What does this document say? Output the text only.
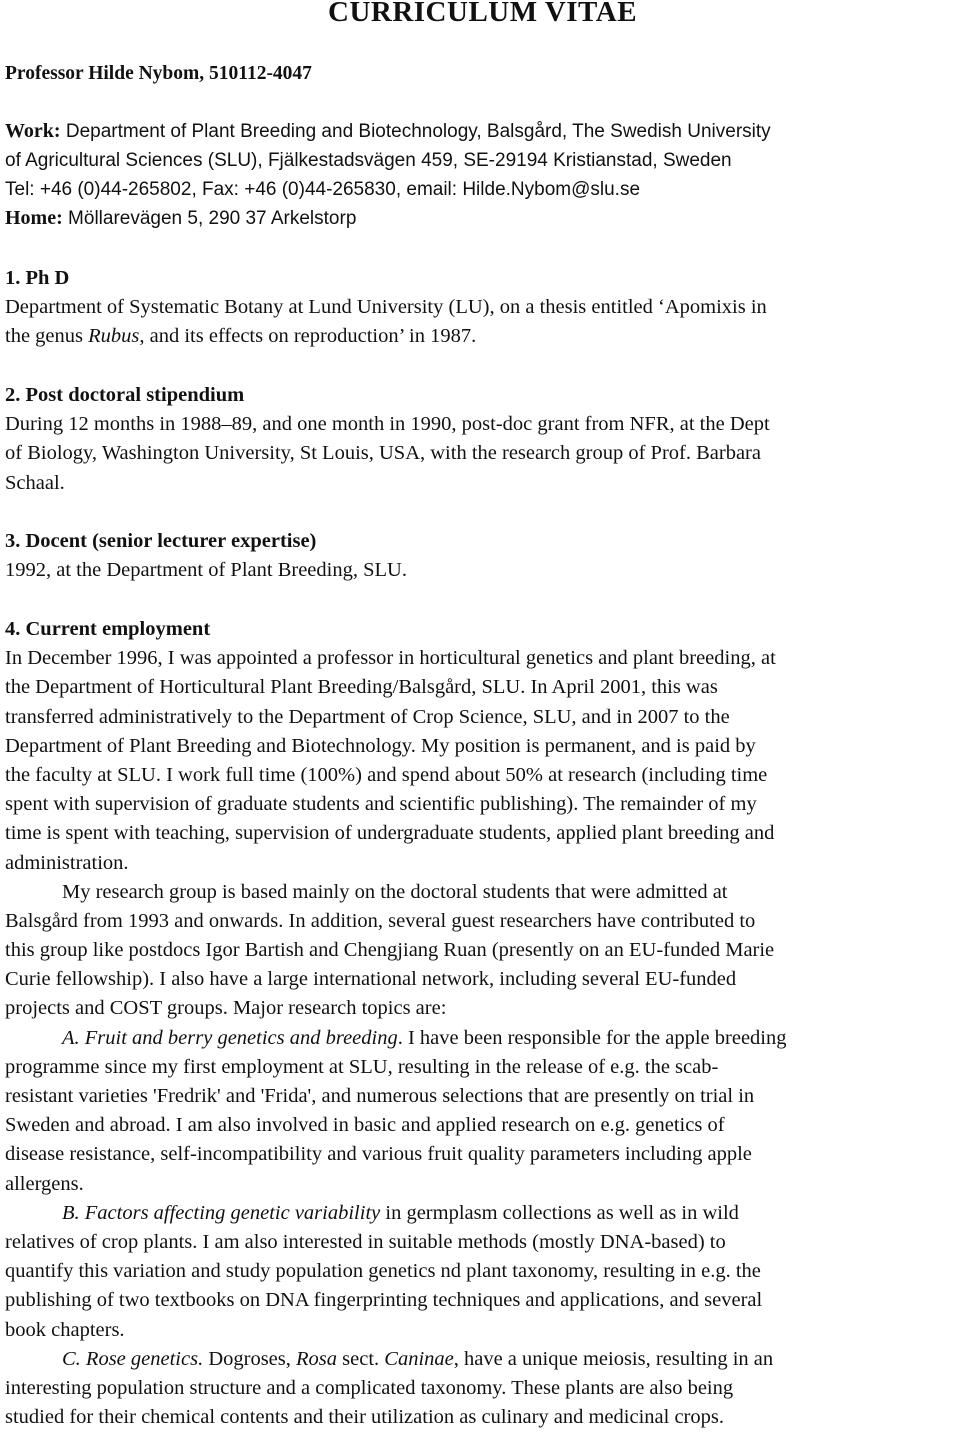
CURRICULUM VITAE
Professor Hilde Nybom, 510112-4047
Work: Department of Plant Breeding and Biotechnology, Balsgård, The Swedish University
of Agricultural Sciences (SLU), Fjälkestadsvägen 459, SE-29194 Kristianstad, Sweden
Tel: +46 (0)44-265802, Fax: +46 (0)44-265830, email: Hilde.Nybom@slu.se
Home: Möllarevägen 5, 290 37 Arkelstorp
1. Ph D
Department of Systematic Botany at Lund University (LU), on a thesis entitled ‘Apomixis in
the genus Rubus, and its effects on reproduction’ in 1987.
2. Post doctoral stipendium
During 12 months in 1988–89, and one month in 1990, post-doc grant from NFR, at the Dept
of Biology, Washington University, St Louis, USA, with the research group of Prof. Barbara
Schaal.
3. Docent (senior lecturer expertise)
1992, at the Department of Plant Breeding, SLU.
4. Current employment
In December 1996, I was appointed a professor in horticultural genetics and plant breeding, at
the Department of Horticultural Plant Breeding/Balsgård, SLU. In April 2001, this was
transferred administratively to the Department of Crop Science, SLU, and in 2007 to the
Department of Plant Breeding and Biotechnology. My position is permanent, and is paid by
the faculty at SLU. I work full time (100%) and spend about 50% at research (including time
spent with supervision of graduate students and scientific publishing). The remainder of my
time is spent with teaching, supervision of undergraduate students, applied plant breeding and
administration.
My research group is based mainly on the doctoral students that were admitted at
Balsgård from 1993 and onwards. In addition, several guest researchers have contributed to
this group like postdocs Igor Bartish and Chengjiang Ruan (presently on an EU-funded Marie
Curie fellowship). I also have a large international network, including several EU-funded
projects and COST groups. Major research topics are:
A. Fruit and berry genetics and breeding. I have been responsible for the apple breeding
programme since my first employment at SLU, resulting in the release of e.g. the scab-
resistant varieties 'Fredrik' and 'Frida', and numerous selections that are presently on trial in
Sweden and abroad. I am also involved in basic and applied research on e.g. genetics of
disease resistance, self-incompatibility and various fruit quality parameters including apple
allergens.
B. Factors affecting genetic variability in germplasm collections as well as in wild
relatives of crop plants. I am also interested in suitable methods (mostly DNA-based) to
quantify this variation and study population genetics nd plant taxonomy, resulting in e.g. the
publishing of two textbooks on DNA fingerprinting techniques and applications, and several
book chapters.
C. Rose genetics. Dogroses, Rosa sect. Caninae, have a unique meiosis, resulting in an
interesting population structure and a complicated taxonomy. These plants are also being
studied for their chemical contents and their utilization as culinary and medicinal crops.
